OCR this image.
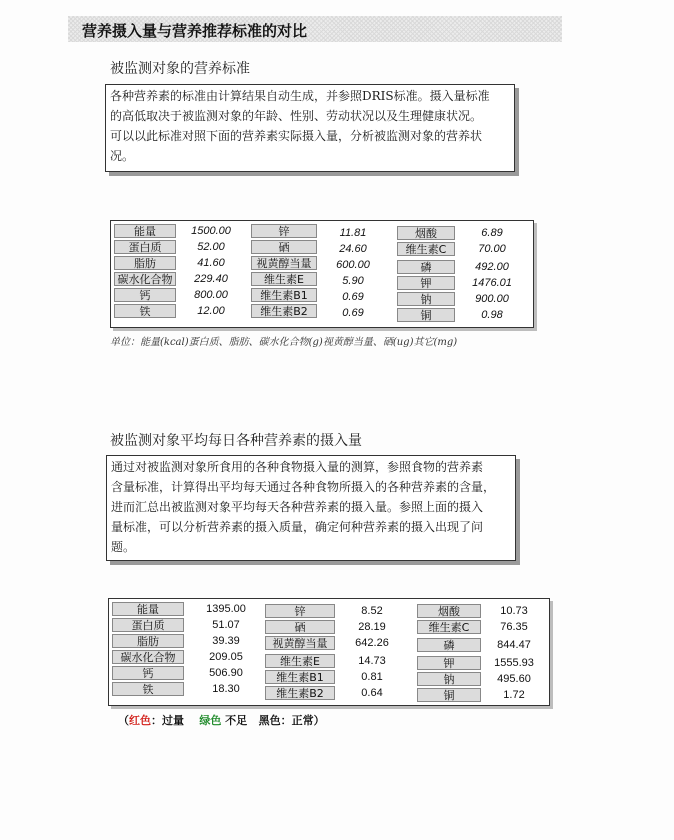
营养摄入量与营养推荐标准的对比
被监测对象的营养标准
各种营养素的标准由计算结果自动生成，并参照DRIS标准。摄入量标准
的高低取决于被监测对象的年龄、性别、劳动状况以及生理健康状况。
可以以此标准对照下面的营养素实际摄入量，分析被监测对象的营养状
况。
能量
蛋白质
脂肪
碳水化合物
钙
铁
1500.00
52.00
41.60
229.40
800.00
12.00
锌
硒
视黄醇当量
维生素E
维生素B1
维生素B2
11.81
24.60
600.00
5.90
0.69
0.69
烟酸
维生素C
磷
钾
钠
铜
6.89
70.00
492.00
1476.01
900.00
0.98
单位：能量(kcal)蛋白质、脂肪、碳水化合物(g)视黄醇当量、硒(ug)其它(mg)
被监测对象平均每日各种营养素的摄入量
通过对被监测对象所食用的各种食物摄入量的测算，参照食物的营养素
含量标准，计算得出平均每天通过各种食物所摄入的各种营养素的含量，
进而汇总出被监测对象平均每天各种营养素的摄入量。参照上面的摄入
量标准，可以分析营养素的摄入质量，确定何种营养素的摄入出现了问
题。
能量
蛋白质
脂肪
碳水化合物
钙
铁
1395.00
51.07
39.39
209.05
506.90
18.30
锌
硒
视黄醇当量
维生素E
维生素B1
维生素B2
8.52
28.19
642.26
14.73
0.81
0.64
烟酸
维生素C
磷
钾
钠
铜
10.73
76.35
844.47
1555.93
495.60
1.72
（红色：过量 绿色 不足 黑色：正常）
